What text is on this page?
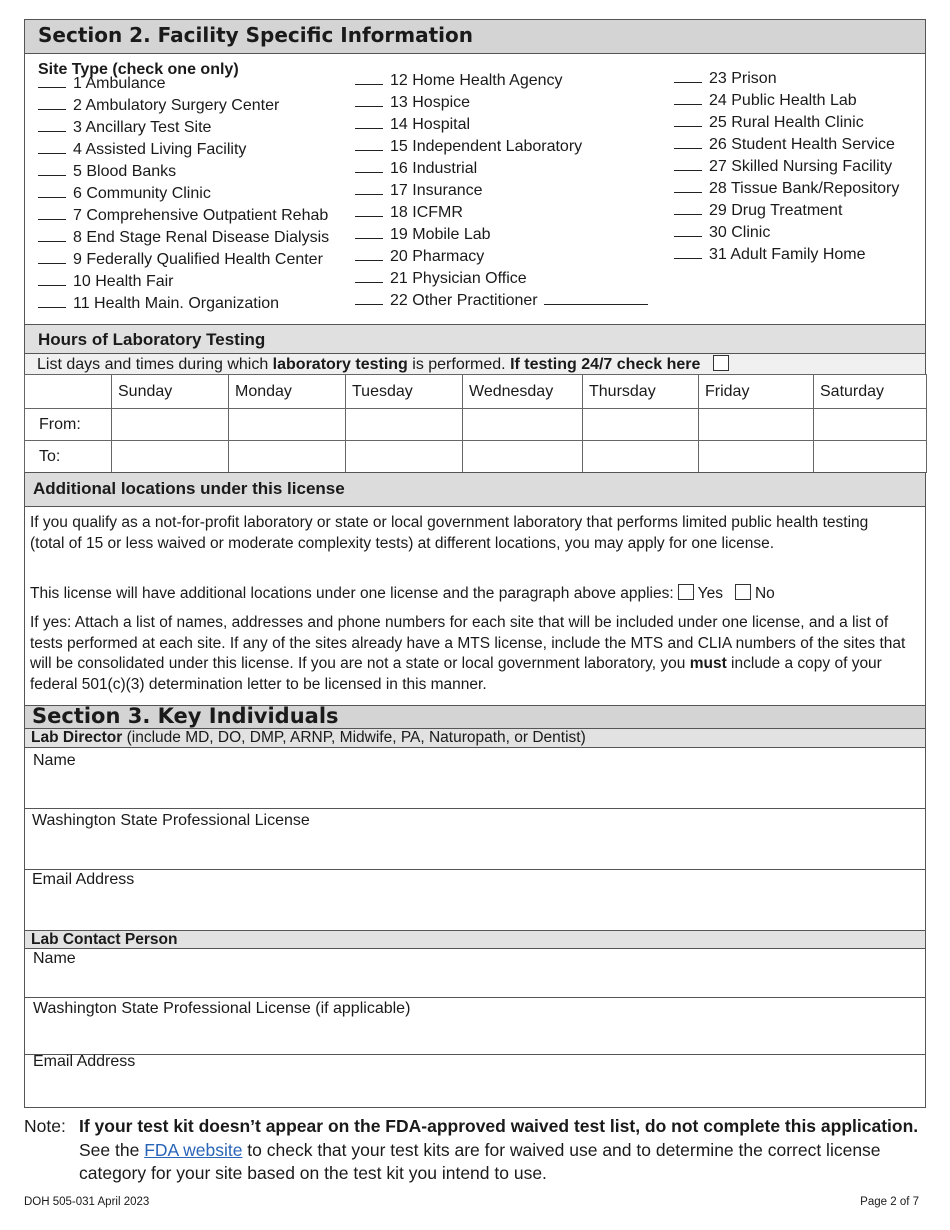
Section 2. Facility Specific Information
Site Type (check one only)
1 Ambulance
2 Ambulatory Surgery Center
3 Ancillary Test Site
4 Assisted Living Facility
5 Blood Banks
6 Community Clinic
7 Comprehensive Outpatient Rehab
8 End Stage Renal Disease Dialysis
9 Federally Qualified Health Center
10 Health Fair
11 Health Main. Organization
12 Home Health Agency
13 Hospice
14 Hospital
15 Independent Laboratory
16 Industrial
17 Insurance
18 ICFMR
19 Mobile Lab
20 Pharmacy
21 Physician Office
22 Other Practitioner
23 Prison
24 Public Health Lab
25 Rural Health Clinic
26 Student Health Service
27 Skilled Nursing Facility
28 Tissue Bank/Repository
29 Drug Treatment
30 Clinic
31 Adult Family Home
Hours of Laboratory Testing
List days and times during which laboratory testing is performed. If testing 24/7 check here
	Sunday	Monday	Tuesday	Wednesday	Thursday	Friday	Saturday
From:							
To:							
Additional locations under this license
If you qualify as a not-for-profit laboratory or state or local government laboratory that performs limited public health testing (total of 15 or less waived or moderate complexity tests) at different locations, you may apply for one license.
This license will have additional locations under one license and the paragraph above applies: Yes No
If yes: Attach a list of names, addresses and phone numbers for each site that will be included under one license, and a list of tests performed at each site. If any of the sites already have a MTS license, include the MTS and CLIA numbers of the sites that will be consolidated under this license. If you are not a state or local government laboratory, you must include a copy of your federal 501(c)(3) determination letter to be licensed in this manner.
Section 3. Key Individuals
Lab Director (include MD, DO, DMP, ARNP, Midwife, PA, Naturopath, or Dentist)
Name
Washington State Professional License
Email Address
Lab Contact Person
Name
Washington State Professional License (if applicable)
Email Address
Note: If your test kit doesn’t appear on the FDA-approved waived test list, do not complete this application. See the FDA website to check that your test kits are for waived use and to determine the correct license category for your site based on the test kit you intend to use.
DOH 505-031 April 2023	Page 2 of 7
